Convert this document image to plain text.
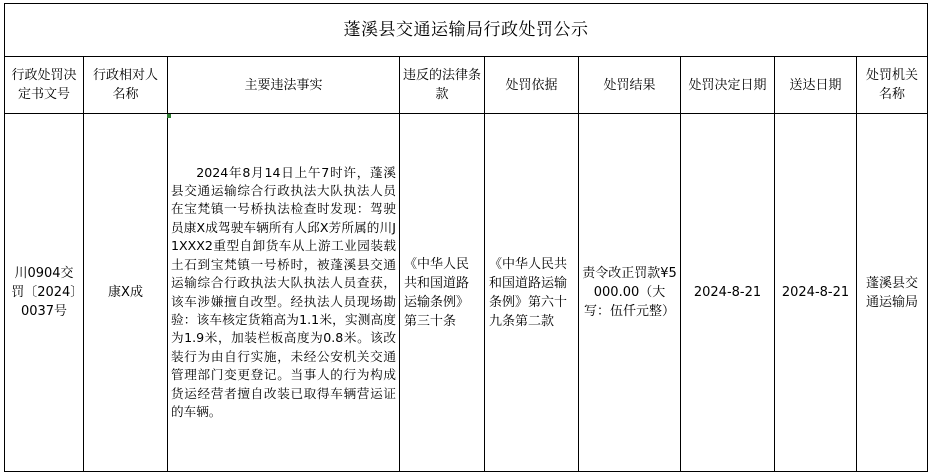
蓬溪县交通运输局行政处罚公示								
行政处罚决定书文号	行政相对人名称	主要违法事实	违反的法律条款	处罚依据	处罚结果	处罚决定日期	送达日期	处罚机关名称
川0904交罚〔2024〕0037号	康X成	2024年8月14日上午7时许，蓬溪县交通运输综合行政执法大队执法人员在宝梵镇一号桥执法检查时发现：驾驶员康X成驾驶车辆所有人邱X芳所属的川J1XXX2重型自卸货车从上游工业园装载土石到宝梵镇一号桥时，被蓬溪县交通运输综合行政执法大队执法人员查获，该车涉嫌擅自改型。经执法人员现场勘验：该车核定货箱高为1.1米，实测高度为1.9米，加装栏板高度为0.8米。该改装行为由自行实施，未经公安机关交通管理部门变更登记。当事人的行为构成货运经营者擅自改装已取得车辆营运证的车辆。	《中华人民共和国道路运输条例》第三十条	《中华人民共和国道路运输条例》第六十九条第二款	责令改正罚款¥5000.00（大写：伍仟元整）	2024-8-21	2024-8-21	蓬溪县交通运输局
